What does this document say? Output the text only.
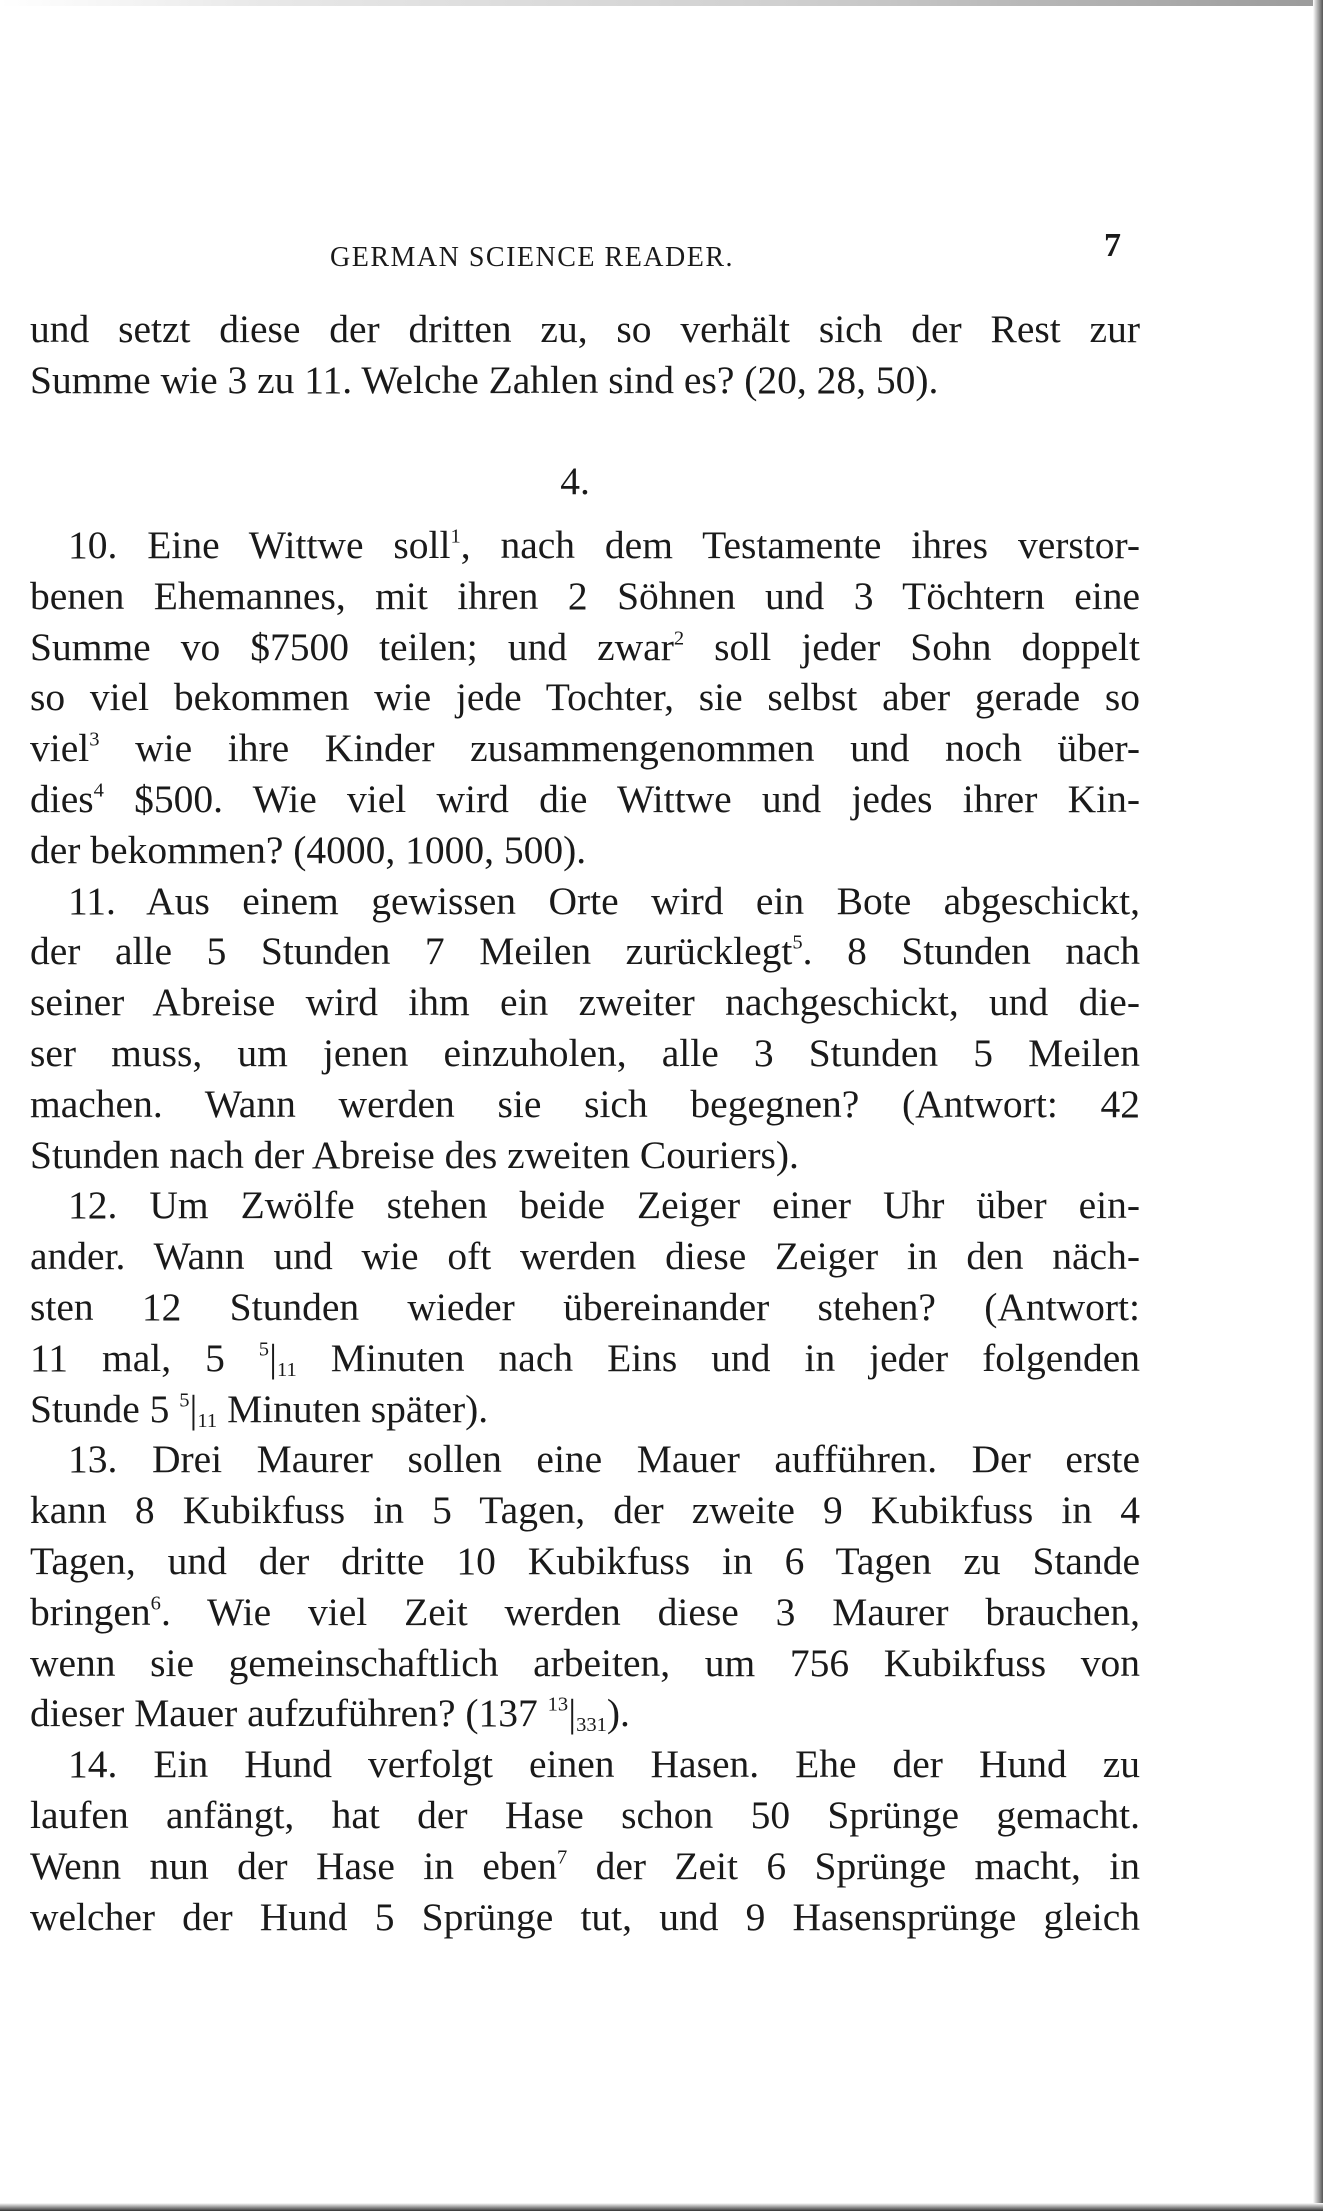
GERMAN SCIENCE READER.	7
und setzt diese der dritten zu, so verhält sich der Rest zur
Summe wie 3 zu 11. Welche Zahlen sind es? (20, 28, 50).
4.
10. Eine Wittwe soll$^1$, nach dem Testamente ihres verstor-
benen Ehemannes, mit ihren 2 Söhnen und 3 Töchtern eine
Summe vo $7500 teilen; und zwar$^2$ soll jeder Sohn doppelt
so viel bekommen wie jede Tochter, sie selbst aber gerade so
viel$^3$ wie ihre Kinder zusammengenommen und noch über-
dies$^4$ $500. Wie viel wird die Wittwe und jedes ihrer Kin-
der bekommen? (4000, 1000, 500).
11. Aus einem gewissen Orte wird ein Bote abgeschickt,
der alle 5 Stunden 7 Meilen zurücklegt$^5$. 8 Stunden nach
seiner Abreise wird ihm ein zweiter nachgeschickt, und die-
ser muss, um jenen einzuholen, alle 3 Stunden 5 Meilen
machen. Wann werden sie sich begegnen? (Antwort: 42
Stunden nach der Abreise des zweiten Couriers).
12. Um Zwölfe stehen beide Zeiger einer Uhr über ein-
ander. Wann und wie oft werden diese Zeiger in den näch-
sten 12 Stunden wieder übereinander stehen? (Antwort:
11 mal, 5 $^5|_{11}$ Minuten nach Eins und in jeder folgenden
Stunde 5 $^5|_{11}$ Minuten später).
13. Drei Maurer sollen eine Mauer aufführen. Der erste
kann 8 Kubikfuss in 5 Tagen, der zweite 9 Kubikfuss in 4
Tagen, und der dritte 10 Kubikfuss in 6 Tagen zu Stande
bringen$^6$. Wie viel Zeit werden diese 3 Maurer brauchen,
wenn sie gemeinschaftlich arbeiten, um 756 Kubikfuss von
dieser Mauer aufzuführen? (137 $^{13}|_{331}$).
14. Ein Hund verfolgt einen Hasen. Ehe der Hund zu
laufen anfängt, hat der Hase schon 50 Sprünge gemacht.
Wenn nun der Hase in eben$^7$ der Zeit 6 Sprünge macht, in
welcher der Hund 5 Sprünge tut, und 9 Hasensprünge gleich
